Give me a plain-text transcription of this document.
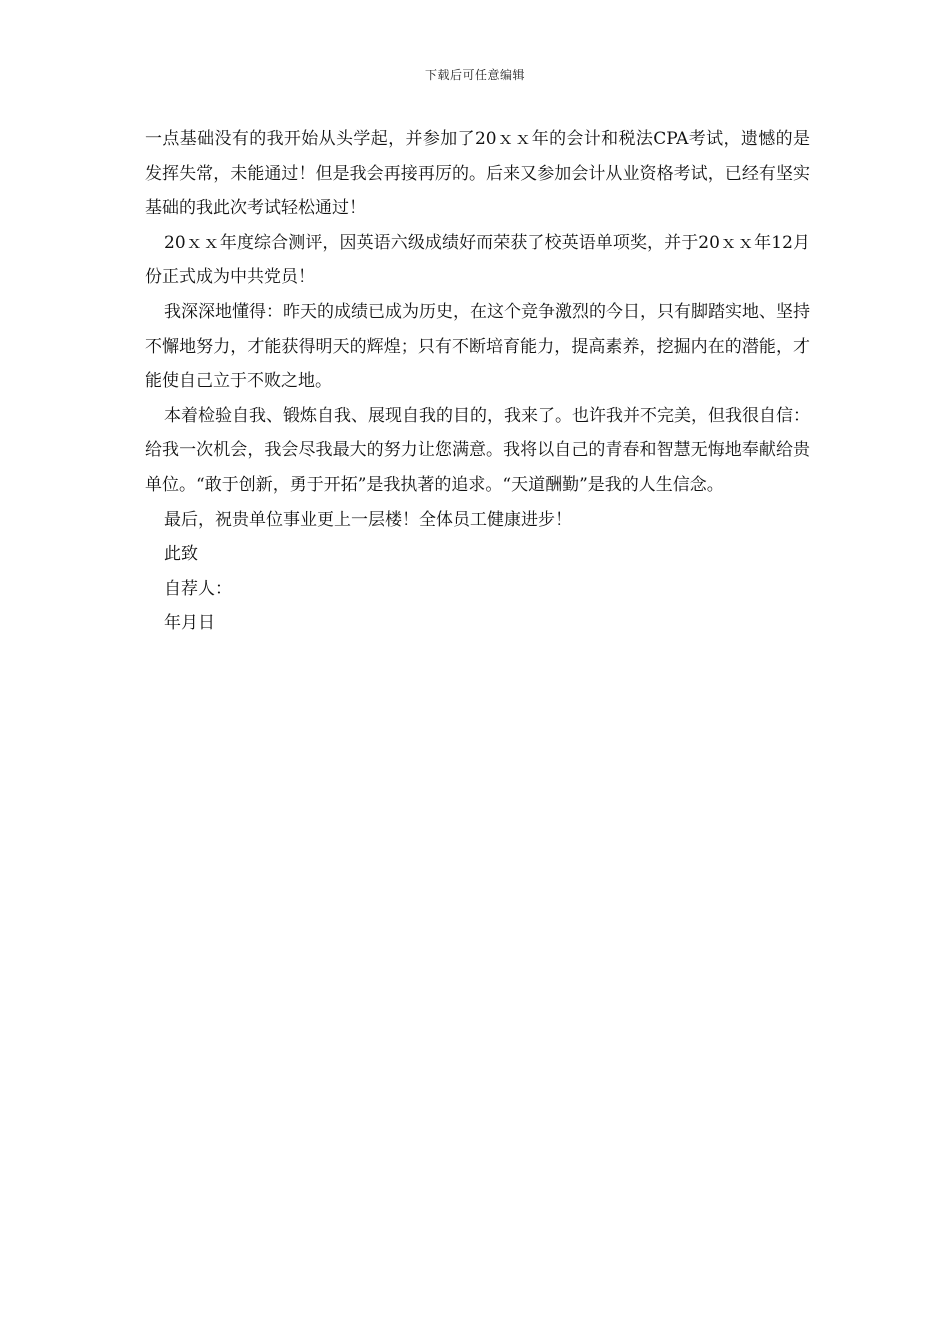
下载后可任意编辑

一点基础没有的我开始从头学起，并参加了20ｘｘ年的会计和税法CPA考试，遗憾的是发挥失常，未能通过！但是我会再接再厉的。后来又参加会计从业资格考试，已经有坚实基础的我此次考试轻松通过！

20ｘｘ年度综合测评，因英语六级成绩好而荣获了校英语单项奖，并于20ｘｘ年12月份正式成为中共党员！

我深深地懂得：昨天的成绩已成为历史，在这个竞争激烈的今日，只有脚踏实地、坚持不懈地努力，才能获得明天的辉煌；只有不断培育能力，提高素养，挖掘内在的潜能，才能使自己立于不败之地。

本着检验自我、锻炼自我、展现自我的目的，我来了。也许我并不完美，但我很自信：给我一次机会，我会尽我最大的努力让您满意。我将以自己的青春和智慧无悔地奉献给贵单位。“敢于创新，勇于开拓”是我执著的追求。“天道酬勤”是我的人生信念。

最后，祝贵单位事业更上一层楼！全体员工健康进步！

此致

自荐人：

年月日
